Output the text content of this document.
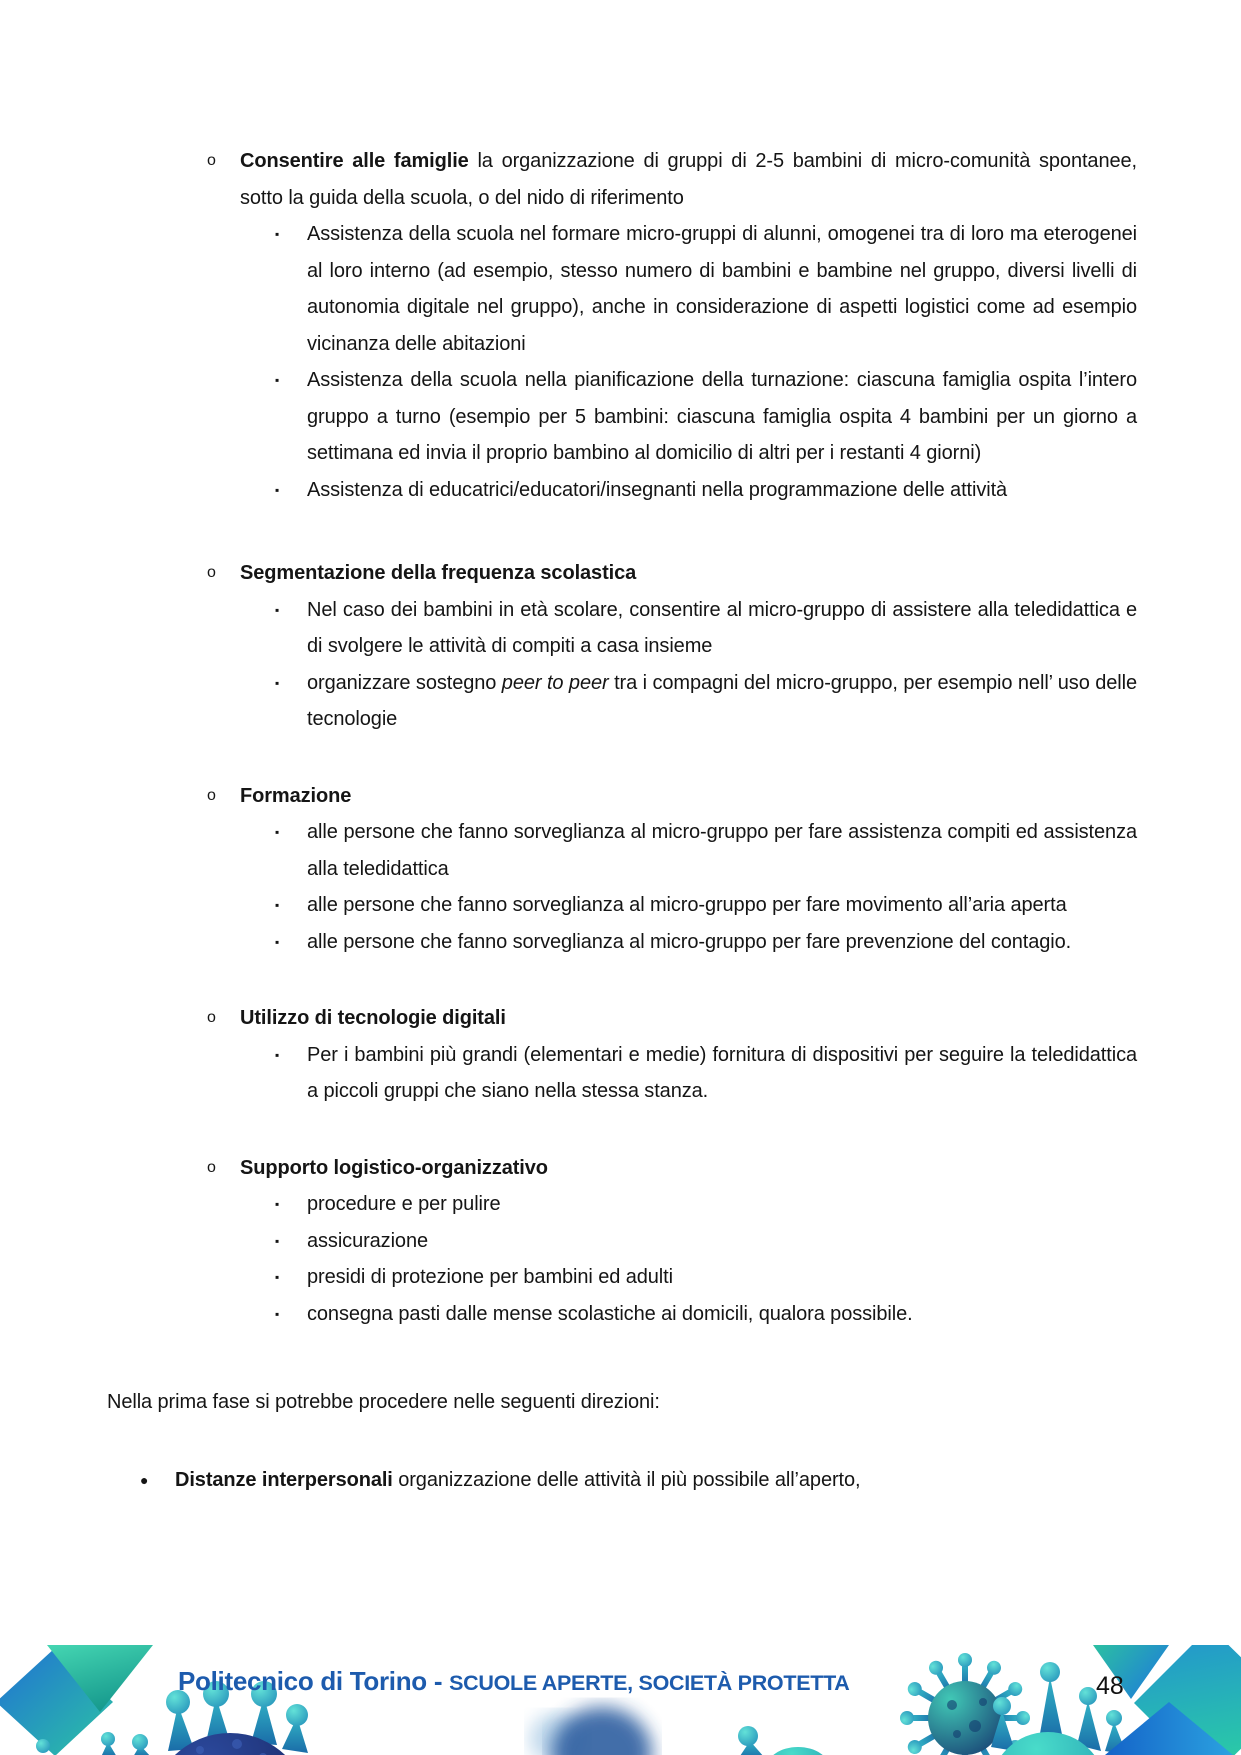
o	Consentire alle famiglie la organizzazione di gruppi di 2-5 bambini di micro-comunità spontanee, sotto la guida della scuola, o del nido di riferimento
▪	Assistenza della scuola nel formare micro-gruppi di alunni, omogenei tra di loro ma eterogenei al loro interno (ad esempio, stesso numero di bambini e bambine nel gruppo, diversi livelli di autonomia digitale nel gruppo), anche in considerazione di aspetti logistici come ad esempio vicinanza delle abitazioni
▪	Assistenza della scuola nella pianificazione della turnazione: ciascuna famiglia ospita l’intero gruppo a turno (esempio per 5 bambini: ciascuna famiglia ospita 4 bambini per un giorno a settimana ed invia il proprio bambino al domicilio di altri per i restanti 4 giorni)
▪	Assistenza di educatrici/educatori/insegnanti nella programmazione delle attività
o	Segmentazione della frequenza scolastica
▪	Nel caso dei bambini in età scolare, consentire al micro-gruppo di assistere alla teledidattica e di svolgere le attività di compiti a casa insieme
▪	organizzare sostegno peer to peer tra i compagni del micro-gruppo, per esempio nell’ uso delle tecnologie
o	Formazione
▪	alle persone che fanno sorveglianza al micro-gruppo per fare assistenza compiti ed assistenza alla teledidattica
▪	alle persone che fanno sorveglianza al micro-gruppo per fare movimento all’aria aperta
▪	alle persone che fanno sorveglianza al micro-gruppo per fare prevenzione del contagio.
o	Utilizzo di tecnologie digitali
▪	Per i bambini più grandi (elementari e medie) fornitura di dispositivi per seguire la teledidattica a piccoli gruppi che siano nella stessa stanza.
o	Supporto logistico-organizzativo
▪	procedure e per pulire
▪	assicurazione
▪	presidi di protezione per bambini ed adulti
▪	consegna pasti dalle mense scolastiche ai domicili, qualora possibile.
Nella prima fase si potrebbe procedere nelle seguenti direzioni:
●	Distanze interpersonali organizzazione delle attività il più possibile all’aperto,
Politecnico di Torino - SCUOLE APERTE, SOCIETÀ PROTETTA	48
